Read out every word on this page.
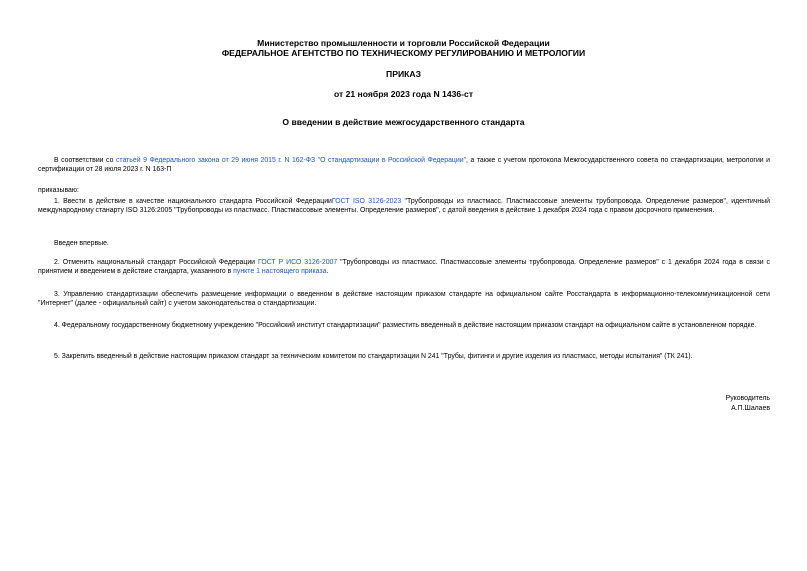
Министерство промышленности и торговли Российской Федерации
ФЕДЕРАЛЬНОЕ АГЕНТСТВО ПО ТЕХНИЧЕСКОМУ РЕГУЛИРОВАНИЮ И МЕТРОЛОГИИ
ПРИКАЗ
от 21 ноября 2023 года N 1436-ст
О введении в действие межгосударственного стандарта

В соответствии со статьей 9 Федерального закона от 29 июня 2015 г. N 162-ФЗ "О стандартизации в Российской Федерации", а также с учетом протокола Межгосударственного совета по стандартизации, метрологии и сертификации от 28 июля 2023 г. N 163-П

приказываю:

1. Ввести в действие в качестве национального стандарта Российской ФедерацииГОСТ ISO 3126-2023 "Трубопроводы из пластмасс. Пластмассовые элементы трубопровода. Определение размеров", идентичный международному станарту ISO 3126:2005 "Трубопроводы из пластмасс. Пластмассовые элементы. Определение размеров", с датой введения в действие 1 декабря 2024 года с правом досрочного применения.

Введен впервые.

2. Отменить национальный стандарт Российской Федерации ГОСТ Р ИСО 3126-2007 "Трубопроводы из пластмасс. Пластмассовые элементы трубопровода. Определение размеров" с 1 декабря 2024 года в связи с принятием и введением в действие стандарта, указанного в пункте 1 настоящего приказа.

3. Управлению стандартизации обеспечить размещение информации о введенном в действие настоящим приказом стандарте на официальном сайте Росстандарта в информационно-телекоммуникационной сети "Интернет" (далее - официальный сайт) с учетом законодательства о стандартизации.

4. Федеральному государственному бюджетному учреждению "Российский институт стандартизации" разместить введенный в действие настоящим приказом стандарт на официальном сайте в установленном порядке.

5. Закрепить введенный в действие настоящим приказом стандарт за техническим комитетом по стандартизации N 241 "Трубы, фитинги и другие изделия из пластмасс, методы испытания" (ТК 241).

Руководитель
А.П.Шалаев
